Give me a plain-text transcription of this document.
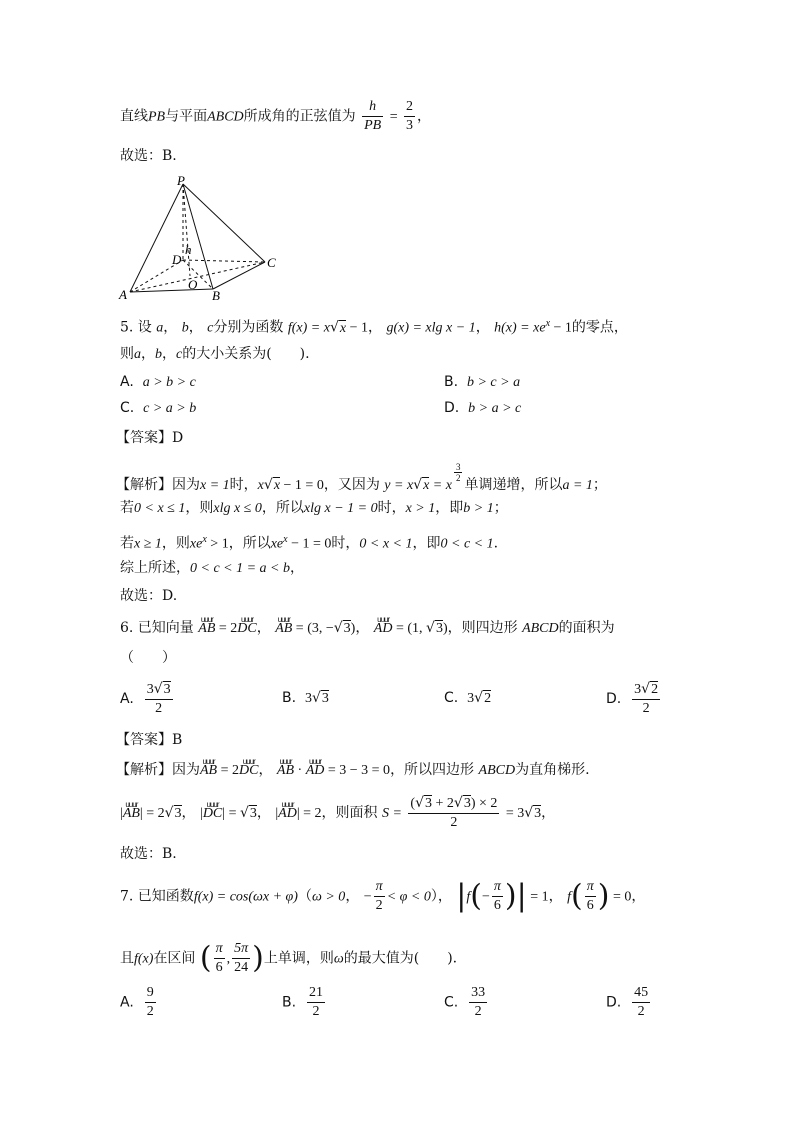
直线PB与平面ABCD所成角的正弦值为 $\frac{h}{PB} = \frac{2}{3}$ ，
故选：B.
P
A	B
C
D
O
h
5. 设 a， b， c分别为函数 f(x) = x√x − 1， g(x) = xlg x − 1， $h(x) = xe^x - 1$的零点，
则a，b，c的大小关系为(　　).
A. a > b > c	B. b > c > a
C. c > a > b	D. b > a > c
【答案】D
【解析】因为x = 1时，x√x − 1 = 0，又因为 y = x√x = x
$^{\frac{3}{2}}$
单调递增，所以a = 1；
若0 < x ≤ 1，则xlg x ≤ 0，所以xlg x − 1 = 0时，x > 1，即b > 1；
若x ≥ 1，则$xe^x > 1$，所以$xe^x - 1 = 0$时，0 < x < 1，即0 < c < 1.
综上所述，0 < c < 1 = a < b，
故选：D.
6. 已知向量 uuur AB = 2uuur DC， uuur AB = (3, −√3)， uuur AD = (1, √3)，则四边形 ABCD的面积为
（　　）
A. $\frac{3√3}{2}$	B. 3√3	C. 3√2	D. $\frac{3√2}{2}$
【答案】B
【解析】因为uuur AB = 2uuur DC， uuur AB · uuur AD = 3 − 3 = 0，所以四边形 ABCD为直角梯形.
|uuur AB| = 2√3， |uuur DC| = √3， |uuur AD| = 2，则面积 $S = \frac{(√3 + 2√3) \times 2}{2} = 3√3$，
故选：B.
7. 已知函数f(x) = cos(ωx + φ)（ω > 0， − $\frac{\pi}{2} < \varphi < 0$）， $|f(- \frac{\pi}{6}$ )| = 1， $f( \frac{\pi}{6}$ ) = 0，
且f(x)在区间 ( $\frac{\pi}{6}$ , $\frac{5\pi}{24}$ )上单调，则ω的最大值为(　　).
A. $\frac{9}{2}$	B. $\frac{21}{2}$	C. $\frac{33}{2}$	D. $\frac{45}{2}$
